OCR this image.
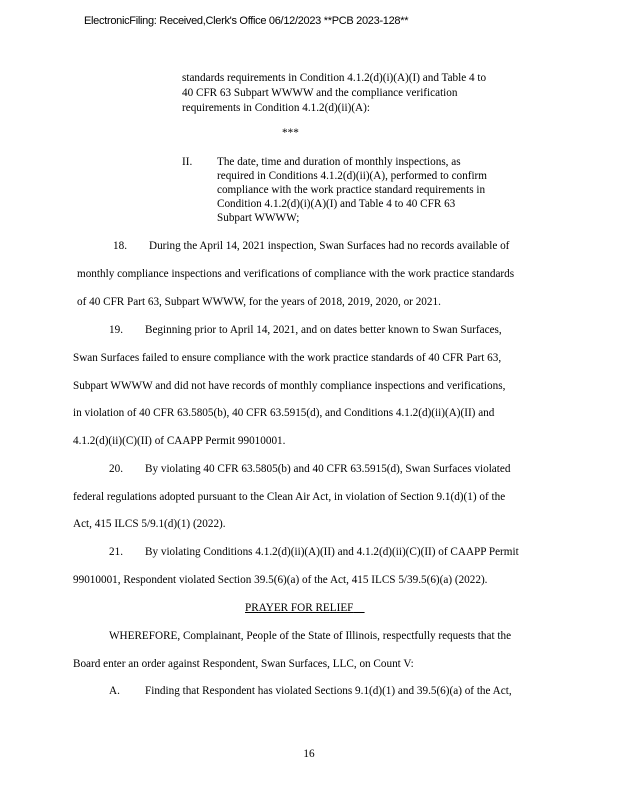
ElectronicFiling: Received,Clerk's Office 06/12/2023 **PCB 2023-128**
standards requirements in Condition 4.1.2(d)(i)(A)(I) and Table 4 to
40 CFR 63 Subpart WWWW and the compliance verification
requirements in Condition 4.1.2(d)(ii)(A):
***
II. The date, time and duration of monthly inspections, as
required in Conditions 4.1.2(d)(ii)(A), performed to confirm
compliance with the work practice standard requirements in
Condition 4.1.2(d)(i)(A)(I) and Table 4 to 40 CFR 63
Subpart WWWW;
18. During the April 14, 2021 inspection, Swan Surfaces had no records available of
monthly compliance inspections and verifications of compliance with the work practice standards
of 40 CFR Part 63, Subpart WWWW, for the years of 2018, 2019, 2020, or 2021.
19. Beginning prior to April 14, 2021, and on dates better known to Swan Surfaces,
Swan Surfaces failed to ensure compliance with the work practice standards of 40 CFR Part 63,
Subpart WWWW and did not have records of monthly compliance inspections and verifications,
in violation of 40 CFR 63.5805(b), 40 CFR 63.5915(d), and Conditions 4.1.2(d)(ii)(A)(II) and
4.1.2(d)(ii)(C)(II) of CAAPP Permit 99010001.
20. By violating 40 CFR 63.5805(b) and 40 CFR 63.5915(d), Swan Surfaces violated
federal regulations adopted pursuant to the Clean Air Act, in violation of Section 9.1(d)(1) of the
Act, 415 ILCS 5/9.1(d)(1) (2022).
21. By violating Conditions 4.1.2(d)(ii)(A)(II) and 4.1.2(d)(ii)(C)(II) of CAAPP Permit
99010001, Respondent violated Section 39.5(6)(a) of the Act, 415 ILCS 5/39.5(6)(a) (2022).
PRAYER FOR RELIEF
WHEREFORE, Complainant, People of the State of Illinois, respectfully requests that the
Board enter an order against Respondent, Swan Surfaces, LLC, on Count V:
A. Finding that Respondent has violated Sections 9.1(d)(1) and 39.5(6)(a) of the Act,
16
